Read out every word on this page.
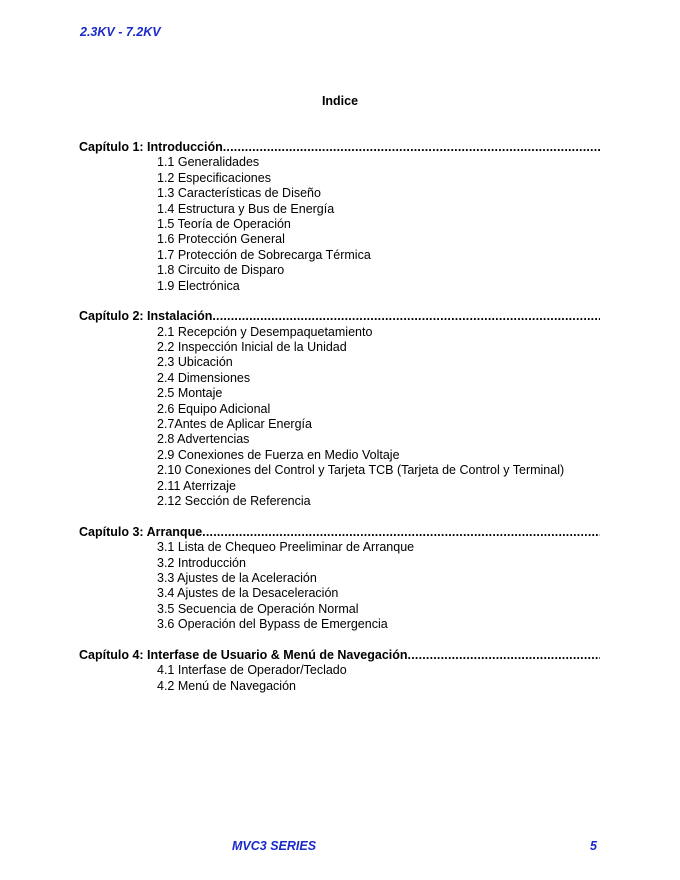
2.3KV - 7.2KV
Indice
Capítulo 1: Introducción
.....
1.1 Generalidades
1.2 Especificaciones
1.3 Características de Diseño
1.4 Estructura y Bus de Energía
1.5 Teoría de Operación
1.6 Protección General
1.7 Protección de Sobrecarga Térmica
1.8 Circuito de Disparo
1.9 Electrónica
Capítulo 2: Instalación
.....
2.1 Recepción y Desempaquetamiento
2.2 Inspección Inicial de la Unidad
2.3 Ubicación
2.4 Dimensiones
2.5 Montaje
2.6 Equipo Adicional
2.7Antes de Aplicar Energía
2.8 Advertencias
2.9 Conexiones de Fuerza en Medio Voltaje
2.10 Conexiones del Control y Tarjeta TCB (Tarjeta de Control y Terminal)
2.11 Aterrizaje
2.12 Sección de Referencia
Capítulo 3: Arranque
.....
3.1 Lista de Chequeo Preeliminar de Arranque
3.2 Introducción
3.3 Ajustes de la Aceleración
3.4 Ajustes de la Desaceleración
3.5 Secuencia de Operación Normal
3.6 Operación del Bypass de Emergencia
Capítulo 4: Interfase de Usuario & Menú de Navegación
.....
4.1 Interfase de Operador/Teclado
4.2 Menú de Navegación
MVC3 SERIES	5
